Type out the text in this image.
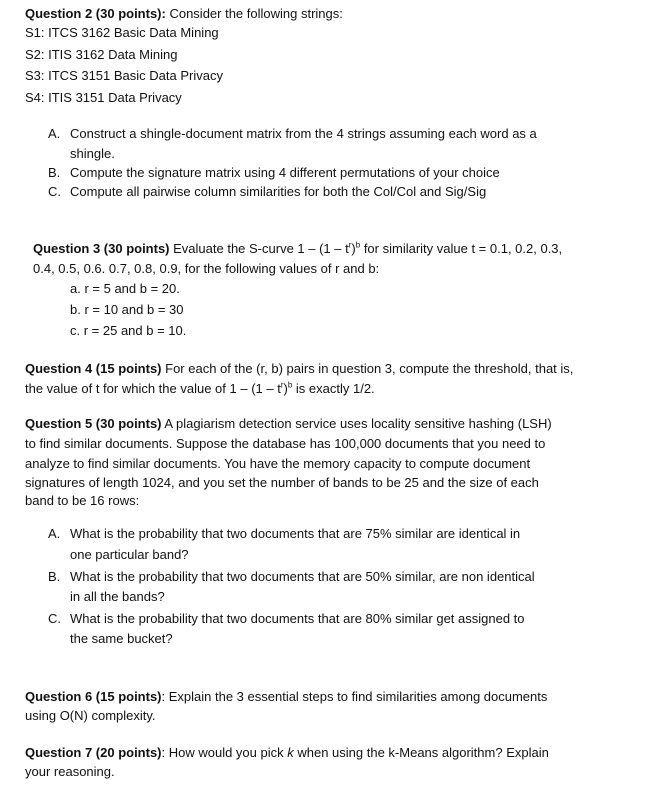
Question 2 (30 points): Consider the following strings:
S1: ITCS 3162 Basic Data Mining
S2: ITIS 3162 Data Mining
S3: ITCS 3151 Basic Data Privacy
S4: ITIS 3151 Data Privacy
A. Construct a shingle-document matrix from the 4 strings assuming each word as a
shingle.
B. Compute the signature matrix using 4 different permutations of your choice
C. Compute all pairwise column similarities for both the Col/Col and Sig/Sig
Question 3 (30 points) Evaluate the S-curve $1 - (1 - t^r)^b$ for similarity value t = 0.1, 0.2, 0.3,
0.4, 0.5, 0.6. 0.7, 0.8, 0.9, for the following values of r and b:
a. r = 5 and b = 20.
b. r = 10 and b = 30
c. r = 25 and b = 10.
Question 4 (15 points) For each of the (r, b) pairs in question 3, compute the threshold, that is,
the value of t for which the value of $1 - (1 - t^r)^b$ is exactly 1/2.
Question 5 (30 points) A plagiarism detection service uses locality sensitive hashing (LSH)
to find similar documents. Suppose the database has 100,000 documents that you need to
analyze to find similar documents. You have the memory capacity to compute document
signatures of length 1024, and you set the number of bands to be 25 and the size of each
band to be 16 rows:
A. What is the probability that two documents that are 75% similar are identical in
one particular band?
B. What is the probability that two documents that are 50% similar, are non identical
in all the bands?
C. What is the probability that two documents that are 80% similar get assigned to
the same bucket?
Question 6 (15 points): Explain the 3 essential steps to find similarities among documents
using O(N) complexity.
Question 7 (20 points): How would you pick k when using the k-Means algorithm? Explain
your reasoning.
